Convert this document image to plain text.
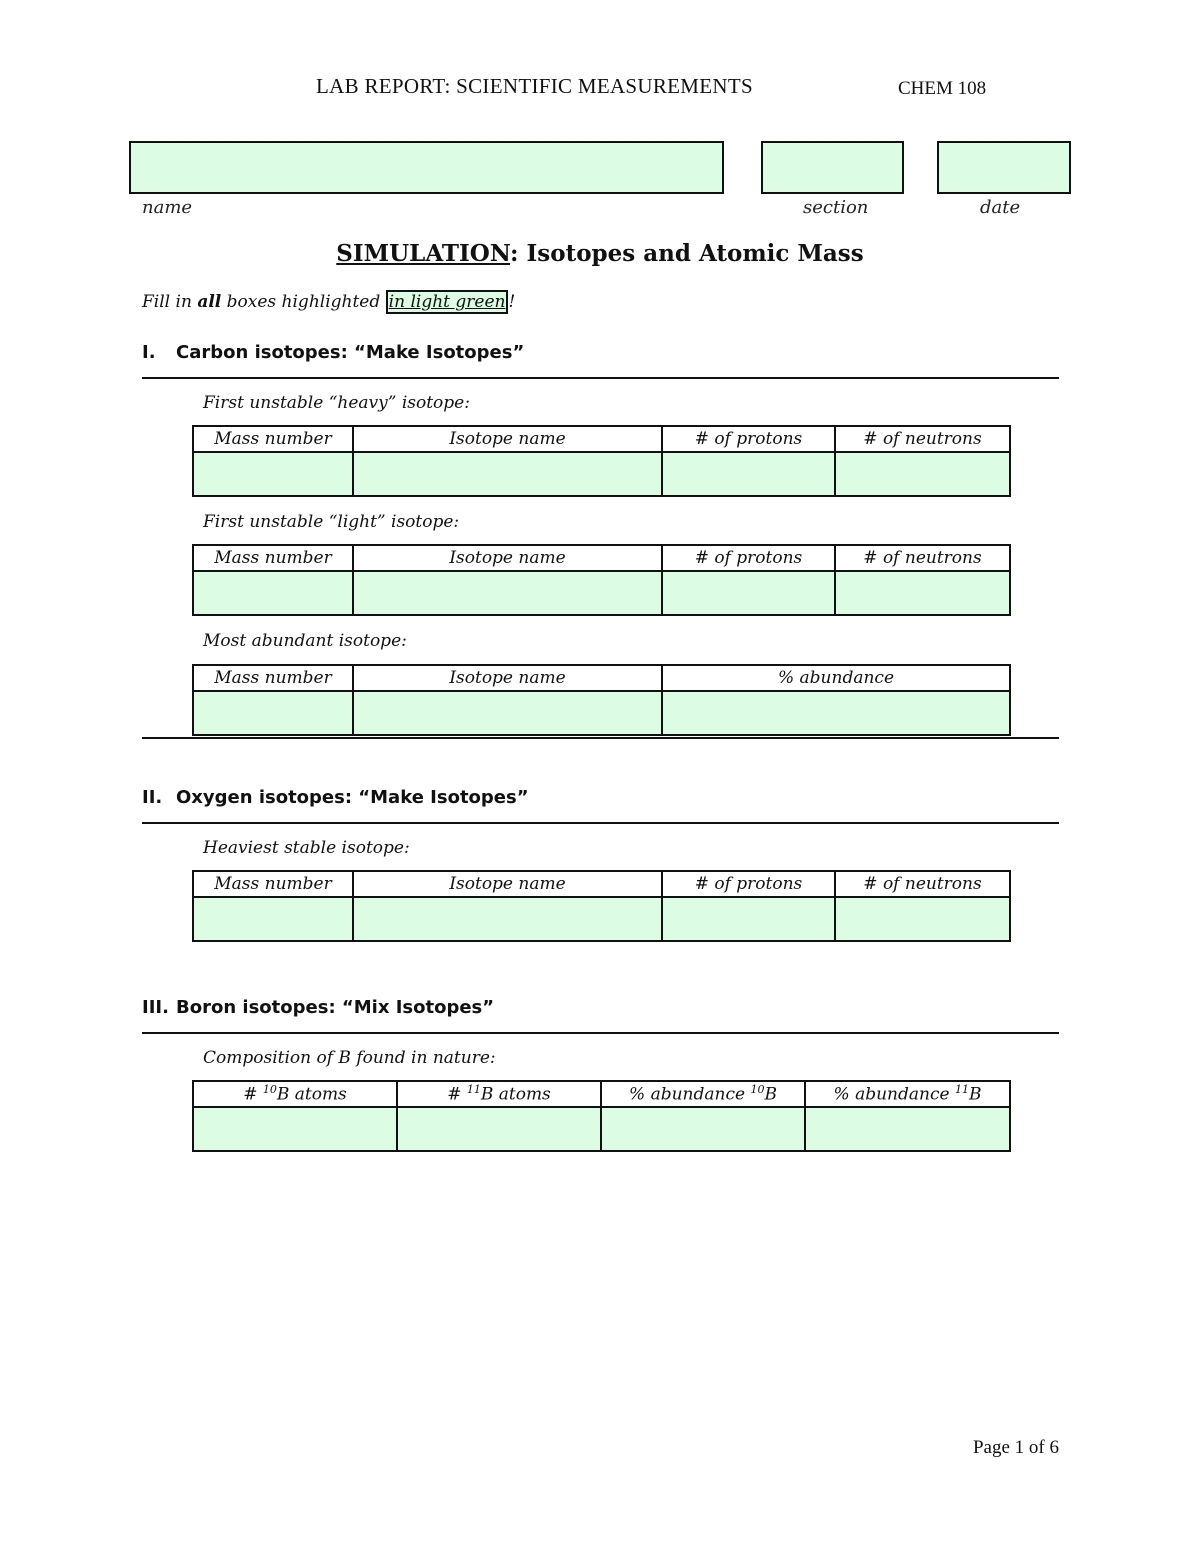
LAB REPORT: SCIENTIFIC MEASUREMENTS	CHEM 108
name	section	date
SIMULATION: Isotopes and Atomic Mass
Fill in all boxes highlighted in light green !
I. Carbon isotopes: “Make Isotopes”
First unstable “heavy” isotope:
Mass number	Isotope name	# of protons	# of neutrons

First unstable “light” isotope:
Mass number	Isotope name	# of protons	# of neutrons

Most abundant isotope:
Mass number	Isotope name	% abundance

II. Oxygen isotopes: “Make Isotopes”
Heaviest stable isotope:
Mass number	Isotope name	# of protons	# of neutrons

III. Boron isotopes: “Mix Isotopes”
Composition of B found in nature:
# $^{10}$B atoms	# $^{11}$B atoms	% abundance $^{10}$B	% abundance $^{11}$B

Page 1 of 6
